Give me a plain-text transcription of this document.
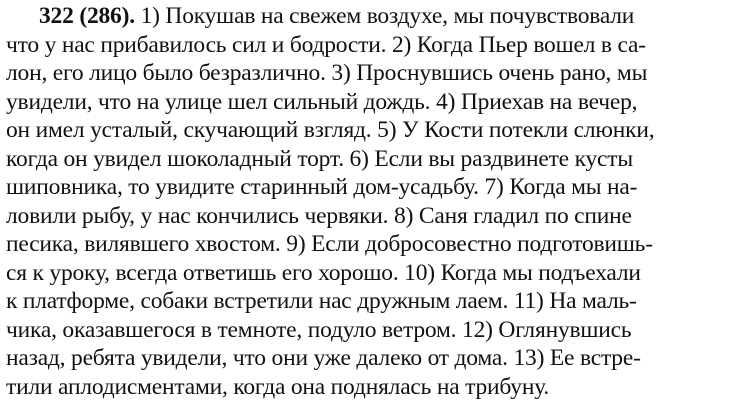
322 (286). 1) Покушав на свежем воздухе, мы почувствовали
что у нас прибавилось сил и бодрости. 2) Когда Пьер вошел в са-
лон, его лицо было безразлично. 3) Проснувшись очень рано, мы
увидели, что на улице шел сильный дождь. 4) Приехав на вечер,
он имел усталый, скучающий взгляд. 5) У Кости потекли слюнки,
когда он увидел шоколадный торт. 6) Если вы раздвинете кусты
шиповника, то увидите старинный дом-усадьбу. 7) Когда мы на-
ловили рыбу, у нас кончились червяки. 8) Саня гладил по спине
песика, вилявшего хвостом. 9) Если добросовестно подготовишь-
ся к уроку, всегда ответишь его хорошо. 10) Когда мы подъехали
к платформе, собаки встретили нас дружным лаем. 11) На маль-
чика, оказавшегося в темноте, подуло ветром. 12) Оглянувшись
назад, ребята увидели, что они уже далеко от дома. 13) Ее встре-
тили аплодисментами, когда она поднялась на трибуну.
